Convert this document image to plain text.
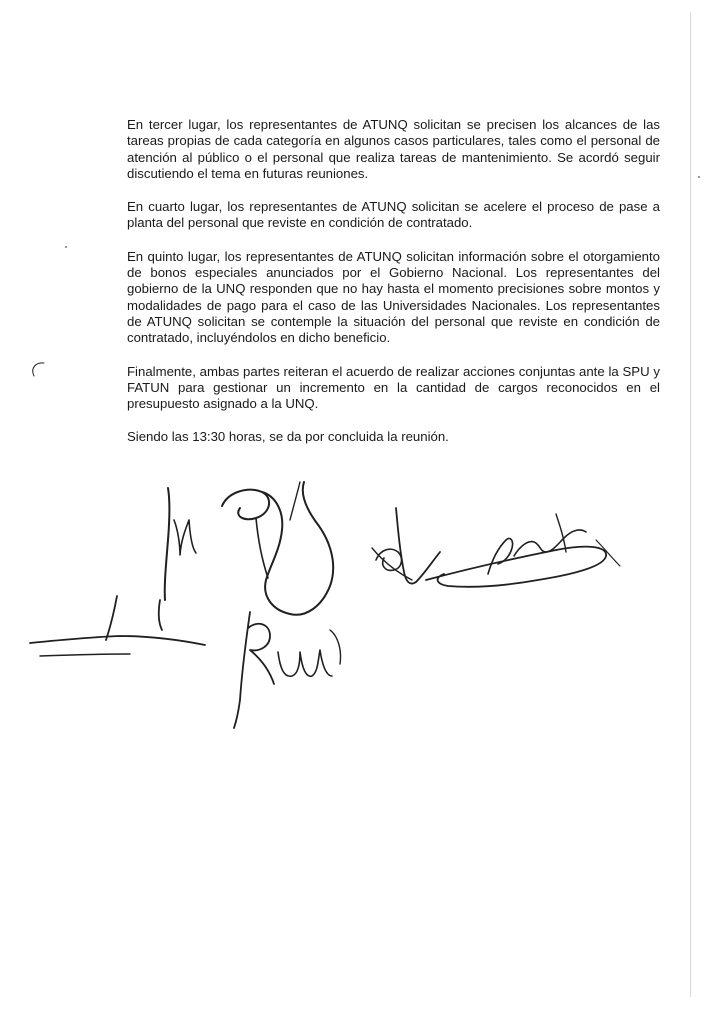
En tercer lugar, los representantes de ATUNQ solicitan se precisen los alcances de las tareas propias de cada categoría en algunos casos particulares, tales como el personal de atención al público o el personal que realiza tareas de mantenimiento. Se acordó seguir discutiendo el tema en futuras reuniones.

En cuarto lugar, los representantes de ATUNQ solicitan se acelere el proceso de pase a planta del personal que reviste en condición de contratado.

En quinto lugar, los representantes de ATUNQ solicitan información sobre el otorgamiento de bonos especiales anunciados por el Gobierno Nacional. Los representantes del gobierno de la UNQ responden que no hay hasta el momento precisiones sobre montos y modalidades de pago para el caso de las Universidades Nacionales. Los representantes de ATUNQ solicitan se contemple la situación del personal que reviste en condición de contratado, incluyéndolos en dicho beneficio.

Finalmente, ambas partes reiteran el acuerdo de realizar acciones conjuntas ante la SPU y FATUN para gestionar un incremento en la cantidad de cargos reconocidos en el presupuesto asignado a la UNQ.

Siendo las 13:30 horas, se da por concluida la reunión.
